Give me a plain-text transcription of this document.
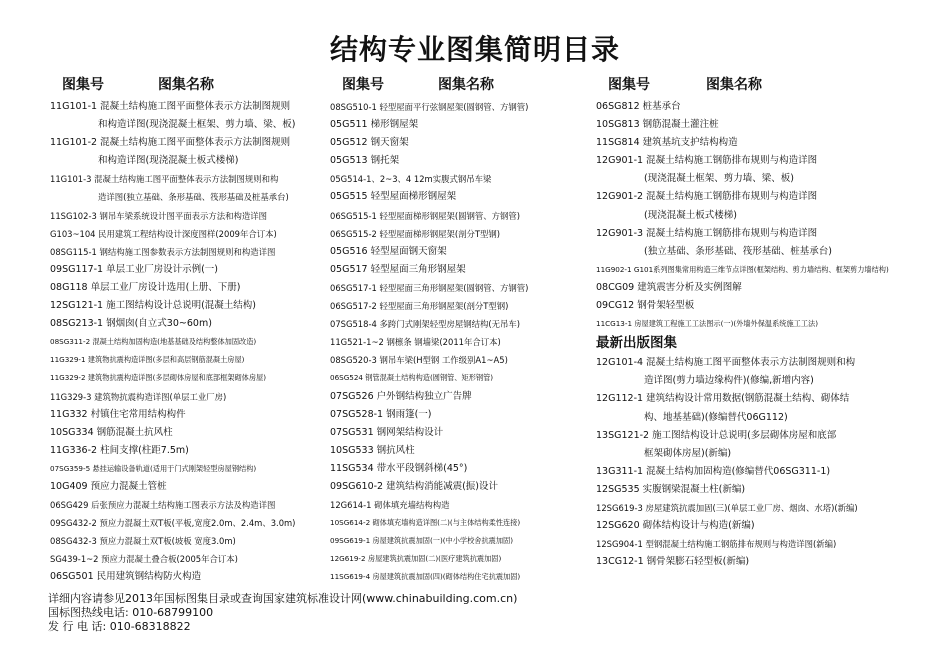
结构专业图集简明目录
图集号	图集名称
11G101-1 混凝土结构施工图平面整体表示方法制图规则
和构造详图(现浇混凝土框架、剪力墙、梁、板)
11G101-2 混凝土结构施工图平面整体表示方法制图规则
和构造详图(现浇混凝土板式楼梯)
11G101-3 混凝土结构施工图平面整体表示方法制图规则和构
造详图(独立基础、条形基础、筏形基础及桩基承台)
11SG102-3 钢吊车梁系统设计图平面表示方法和构造详图
G103~104 民用建筑工程结构设计深度图样(2009年合订本)
08SG115-1 钢结构施工图参数表示方法制图规则和构造详图
09SG117-1 单层工业厂房设计示例(一)
08G118 单层工业厂房设计选用(上册、下册)
12SG121-1 施工图结构设计总说明(混凝土结构)
08SG213-1 钢烟囱(自立式30~60m)
08SG311-2 混凝土结构加固构造(地基基础及结构整体加固改造)
11G329-1 建筑物抗震构造详图(多层和高层钢筋混凝土房屋)
11G329-2 建筑物抗震构造详图(多层砌体房屋和底部框架砌体房屋)
11G329-3 建筑物抗震构造详图(单层工业厂房)
11G332 村镇住宅常用结构构件
10SG334 钢筋混凝土抗风柱
11G336-2 柱间支撑(柱距7.5m)
07SG359-5 悬挂运输设备轨道(适用于门式刚架轻型房屋钢结构)
10G409 预应力混凝土管桩
06SG429 后张预应力混凝土结构施工图表示方法及构造详图
09SG432-2 预应力混凝土双T板(平板,宽度2.0m、2.4m、3.0m)
08SG432-3 预应力混凝土双T板(坡板 宽度3.0m)
SG439-1~2 预应力混凝土叠合板(2005年合订本)
06SG501 民用建筑钢结构防火构造
图集号	图集名称
08SG510-1 轻型屋面平行弦钢屋架(圆钢管、方钢管)
05G511 梯形钢屋架
05G512 钢天窗架
05G513 钢托架
05G514-1、2~3、4 12m实腹式钢吊车梁
05G515 轻型屋面梯形钢屋架
06SG515-1 轻型屋面梯形钢屋架(圆钢管、方钢管)
06SG515-2 轻型屋面梯形钢屋架(剖分T型钢)
05G516 轻型屋面钢天窗架
05G517 轻型屋面三角形钢屋架
06SG517-1 轻型屋面三角形钢屋架(圆钢管、方钢管)
06SG517-2 轻型屋面三角形钢屋架(剖分T型钢)
07SG518-4 多跨门式刚架轻型房屋钢结构(无吊车)
11G521-1~2 钢檩条 钢墙梁(2011年合订本)
08SG520-3 钢吊车梁(H型钢 工作级别A1~A5)
06SG524 钢管混凝土结构构造(圆钢管、矩形钢管)
07SG526 户外钢结构独立广告牌
07SG528-1 钢雨篷(一)
07SG531 钢网架结构设计
10SG533 钢抗风柱
11SG534 带水平段钢斜梯(45°)
09SG610-2 建筑结构消能减震(振)设计
12G614-1 砌体填充墙结构构造
10SG614-2 砌体填充墙构造详图(二)(与主体结构柔性连接)
09SG619-1 房屋建筑抗震加固(一)(中小学校舍抗震加固)
12G619-2 房屋建筑抗震加固(二)(医疗建筑抗震加固)
11SG619-4 房屋建筑抗震加固(四)(砌体结构住宅抗震加固)
图集号	图集名称
06SG812 桩基承台
10SG813 钢筋混凝土灌注桩
11SG814 建筑基坑支护结构构造
12G901-1 混凝土结构施工钢筋排布规则与构造详图
(现浇混凝土框架、剪力墙、梁、板)
12G901-2 混凝土结构施工钢筋排布规则与构造详图
(现浇混凝土板式楼梯)
12G901-3 混凝土结构施工钢筋排布规则与构造详图
(独立基础、条形基础、筏形基础、桩基承台)
11G902-1 G101系列图集常用构造三维节点详图(框架结构、剪力墙结构、框架剪力墙结构)
08CG09 建筑震害分析及实例图解
09CG12 钢骨架轻型板
11CG13-1 房屋建筑工程施工工法图示(一)(外墙外保温系统施工工法)
最新出版图集
12G101-4 混凝土结构施工图平面整体表示方法制图规则和构
造详图(剪力墙边缘构件)(修编,新增内容)
12G112-1 建筑结构设计常用数据(钢筋混凝土结构、砌体结
构、地基基础)(修编替代06G112)
13SG121-2 施工图结构设计总说明(多层砌体房屋和底部
框架砌体房屋)(新编)
13G311-1 混凝土结构加固构造(修编替代06SG311-1)
12SG535 实腹钢梁混凝土柱(新编)
12SG619-3 房屋建筑抗震加固(三)(单层工业厂房、烟囱、水塔)(新编)
12SG620 砌体结构设计与构造(新编)
12SG904-1 型钢混凝土结构施工钢筋排布规则与构造详图(新编)
13CG12-1 钢骨架膨石轻型板(新编)
详细内容请参见2013年国标图集目录或查询国家建筑标准设计网(www.chinabuilding.com.cn)
国标图热线电话: 010-68799100
发 行 电 话: 010-68318822
